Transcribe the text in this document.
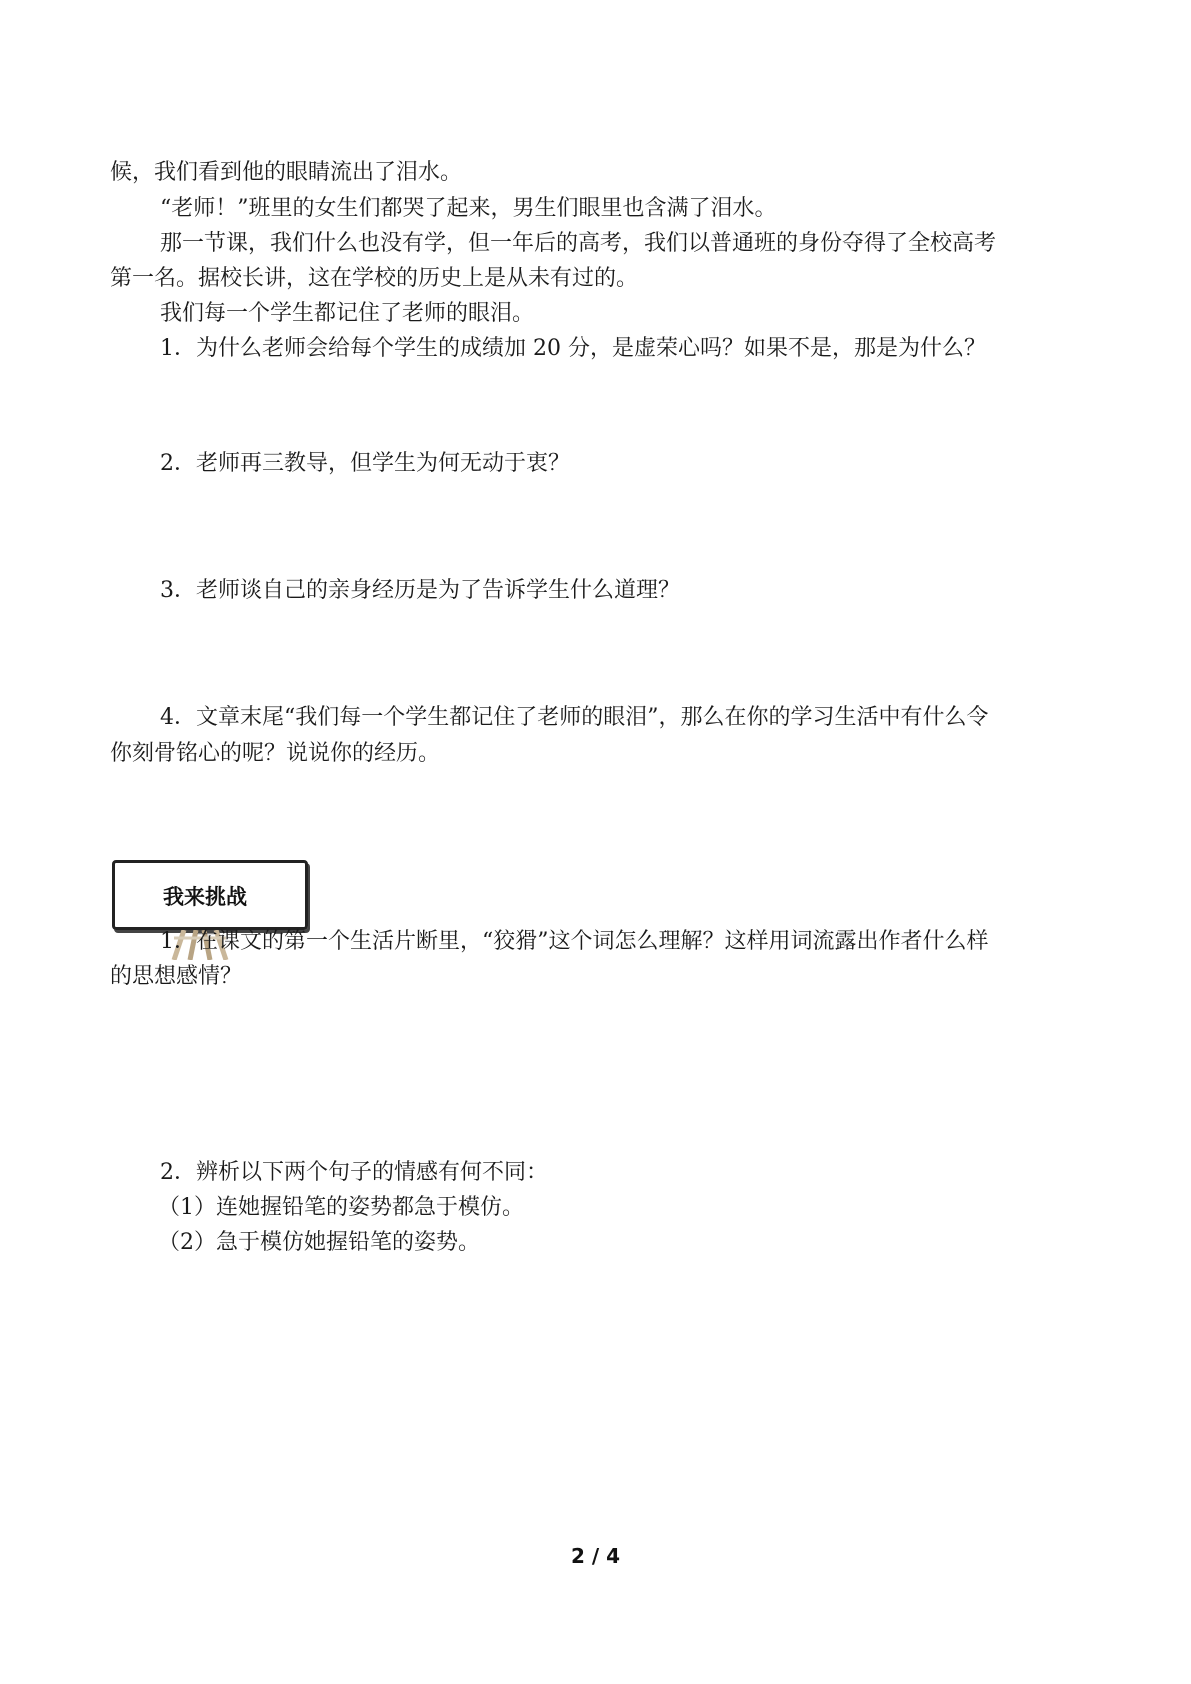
候，我们看到他的眼睛流出了泪水。
“老师！”班里的女生们都哭了起来，男生们眼里也含满了泪水。
那一节课，我们什么也没有学，但一年后的高考，我们以普通班的身份夺得了全校高考
第一名。据校长讲，这在学校的历史上是从未有过的。
我们每一个学生都记住了老师的眼泪。
1．为什么老师会给每个学生的成绩加 20 分，是虚荣心吗？如果不是，那是为什么？
2．老师再三教导，但学生为何无动于衷？
3．老师谈自己的亲身经历是为了告诉学生什么道理？
4．文章末尾“我们每一个学生都记住了老师的眼泪”，那么在你的学习生活中有什么令
你刻骨铭心的呢？说说你的经历。
我来挑战
1．在课文的第一个生活片断里，“狡猾”这个词怎么理解？这样用词流露出作者什么样
的思想感情？
2．辨析以下两个句子的情感有何不同：
（1）连她握铅笔的姿势都急于模仿。
（2）急于模仿她握铅笔的姿势。
2 / 4
